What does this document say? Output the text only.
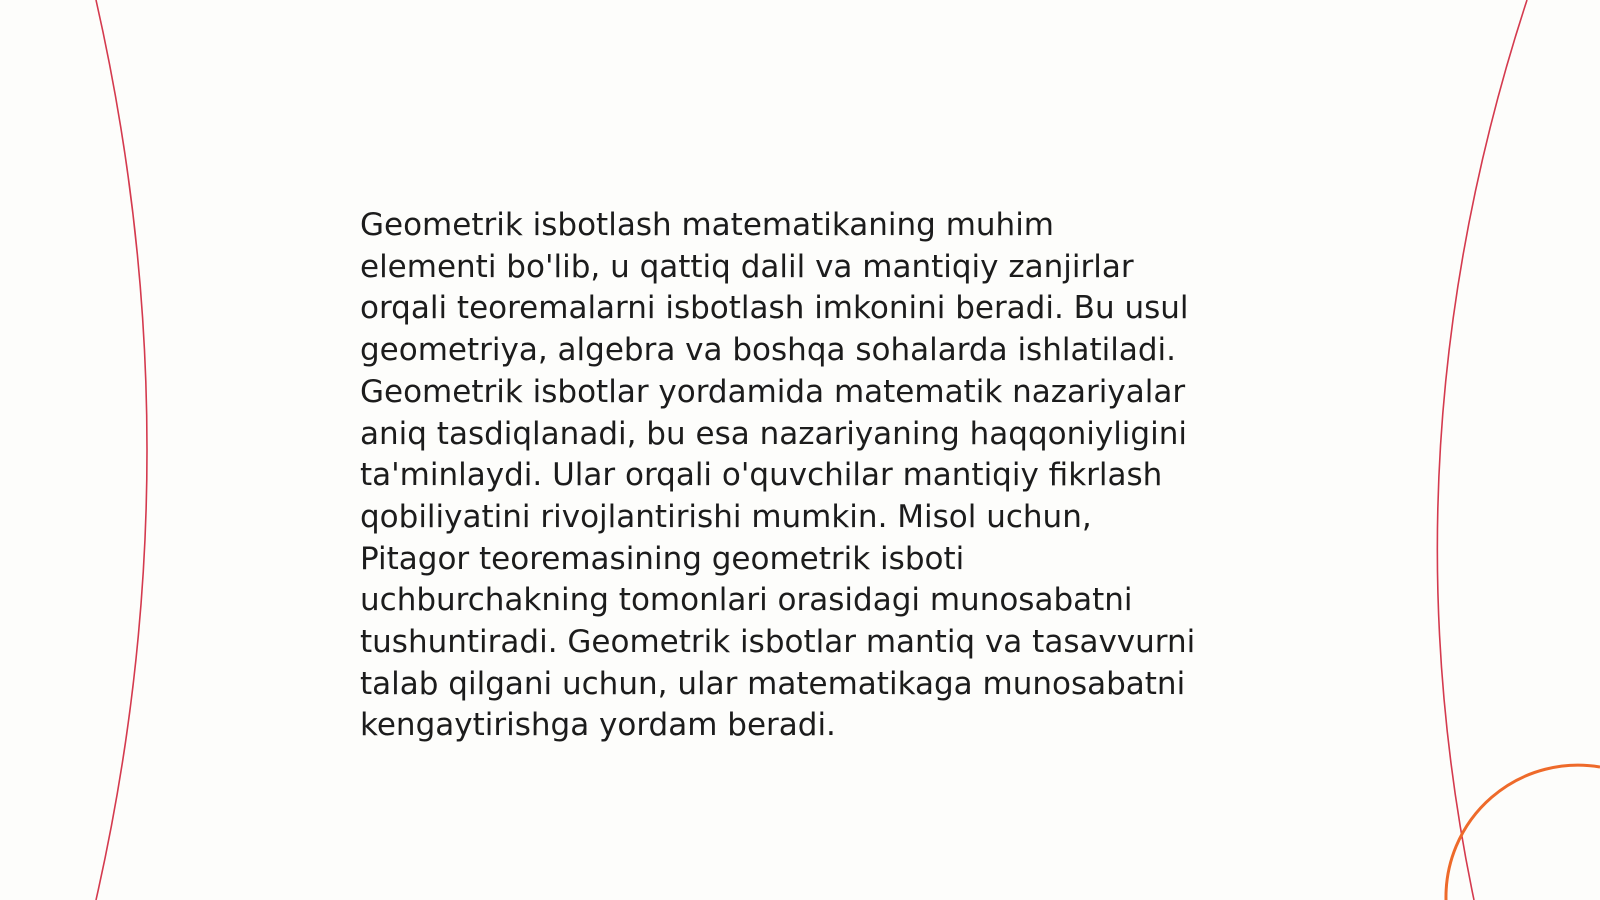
Geometrik isbotlash matematikaning muhim
elementi bo'lib, u qattiq dalil va mantiqiy zanjirlar
orqali teoremalarni isbotlash imkonini beradi. Bu usul
geometriya, algebra va boshqa sohalarda ishlatiladi.
Geometrik isbotlar yordamida matematik nazariyalar
aniq tasdiqlanadi, bu esa nazariyaning haqqoniyligini
ta'minlaydi. Ular orqali o'quvchilar mantiqiy fikrlash
qobiliyatini rivojlantirishi mumkin. Misol uchun,
Pitagor teoremasining geometrik isboti
uchburchakning tomonlari orasidagi munosabatni
tushuntiradi. Geometrik isbotlar mantiq va tasavvurni
talab qilgani uchun, ular matematikaga munosabatni
kengaytirishga yordam beradi.
